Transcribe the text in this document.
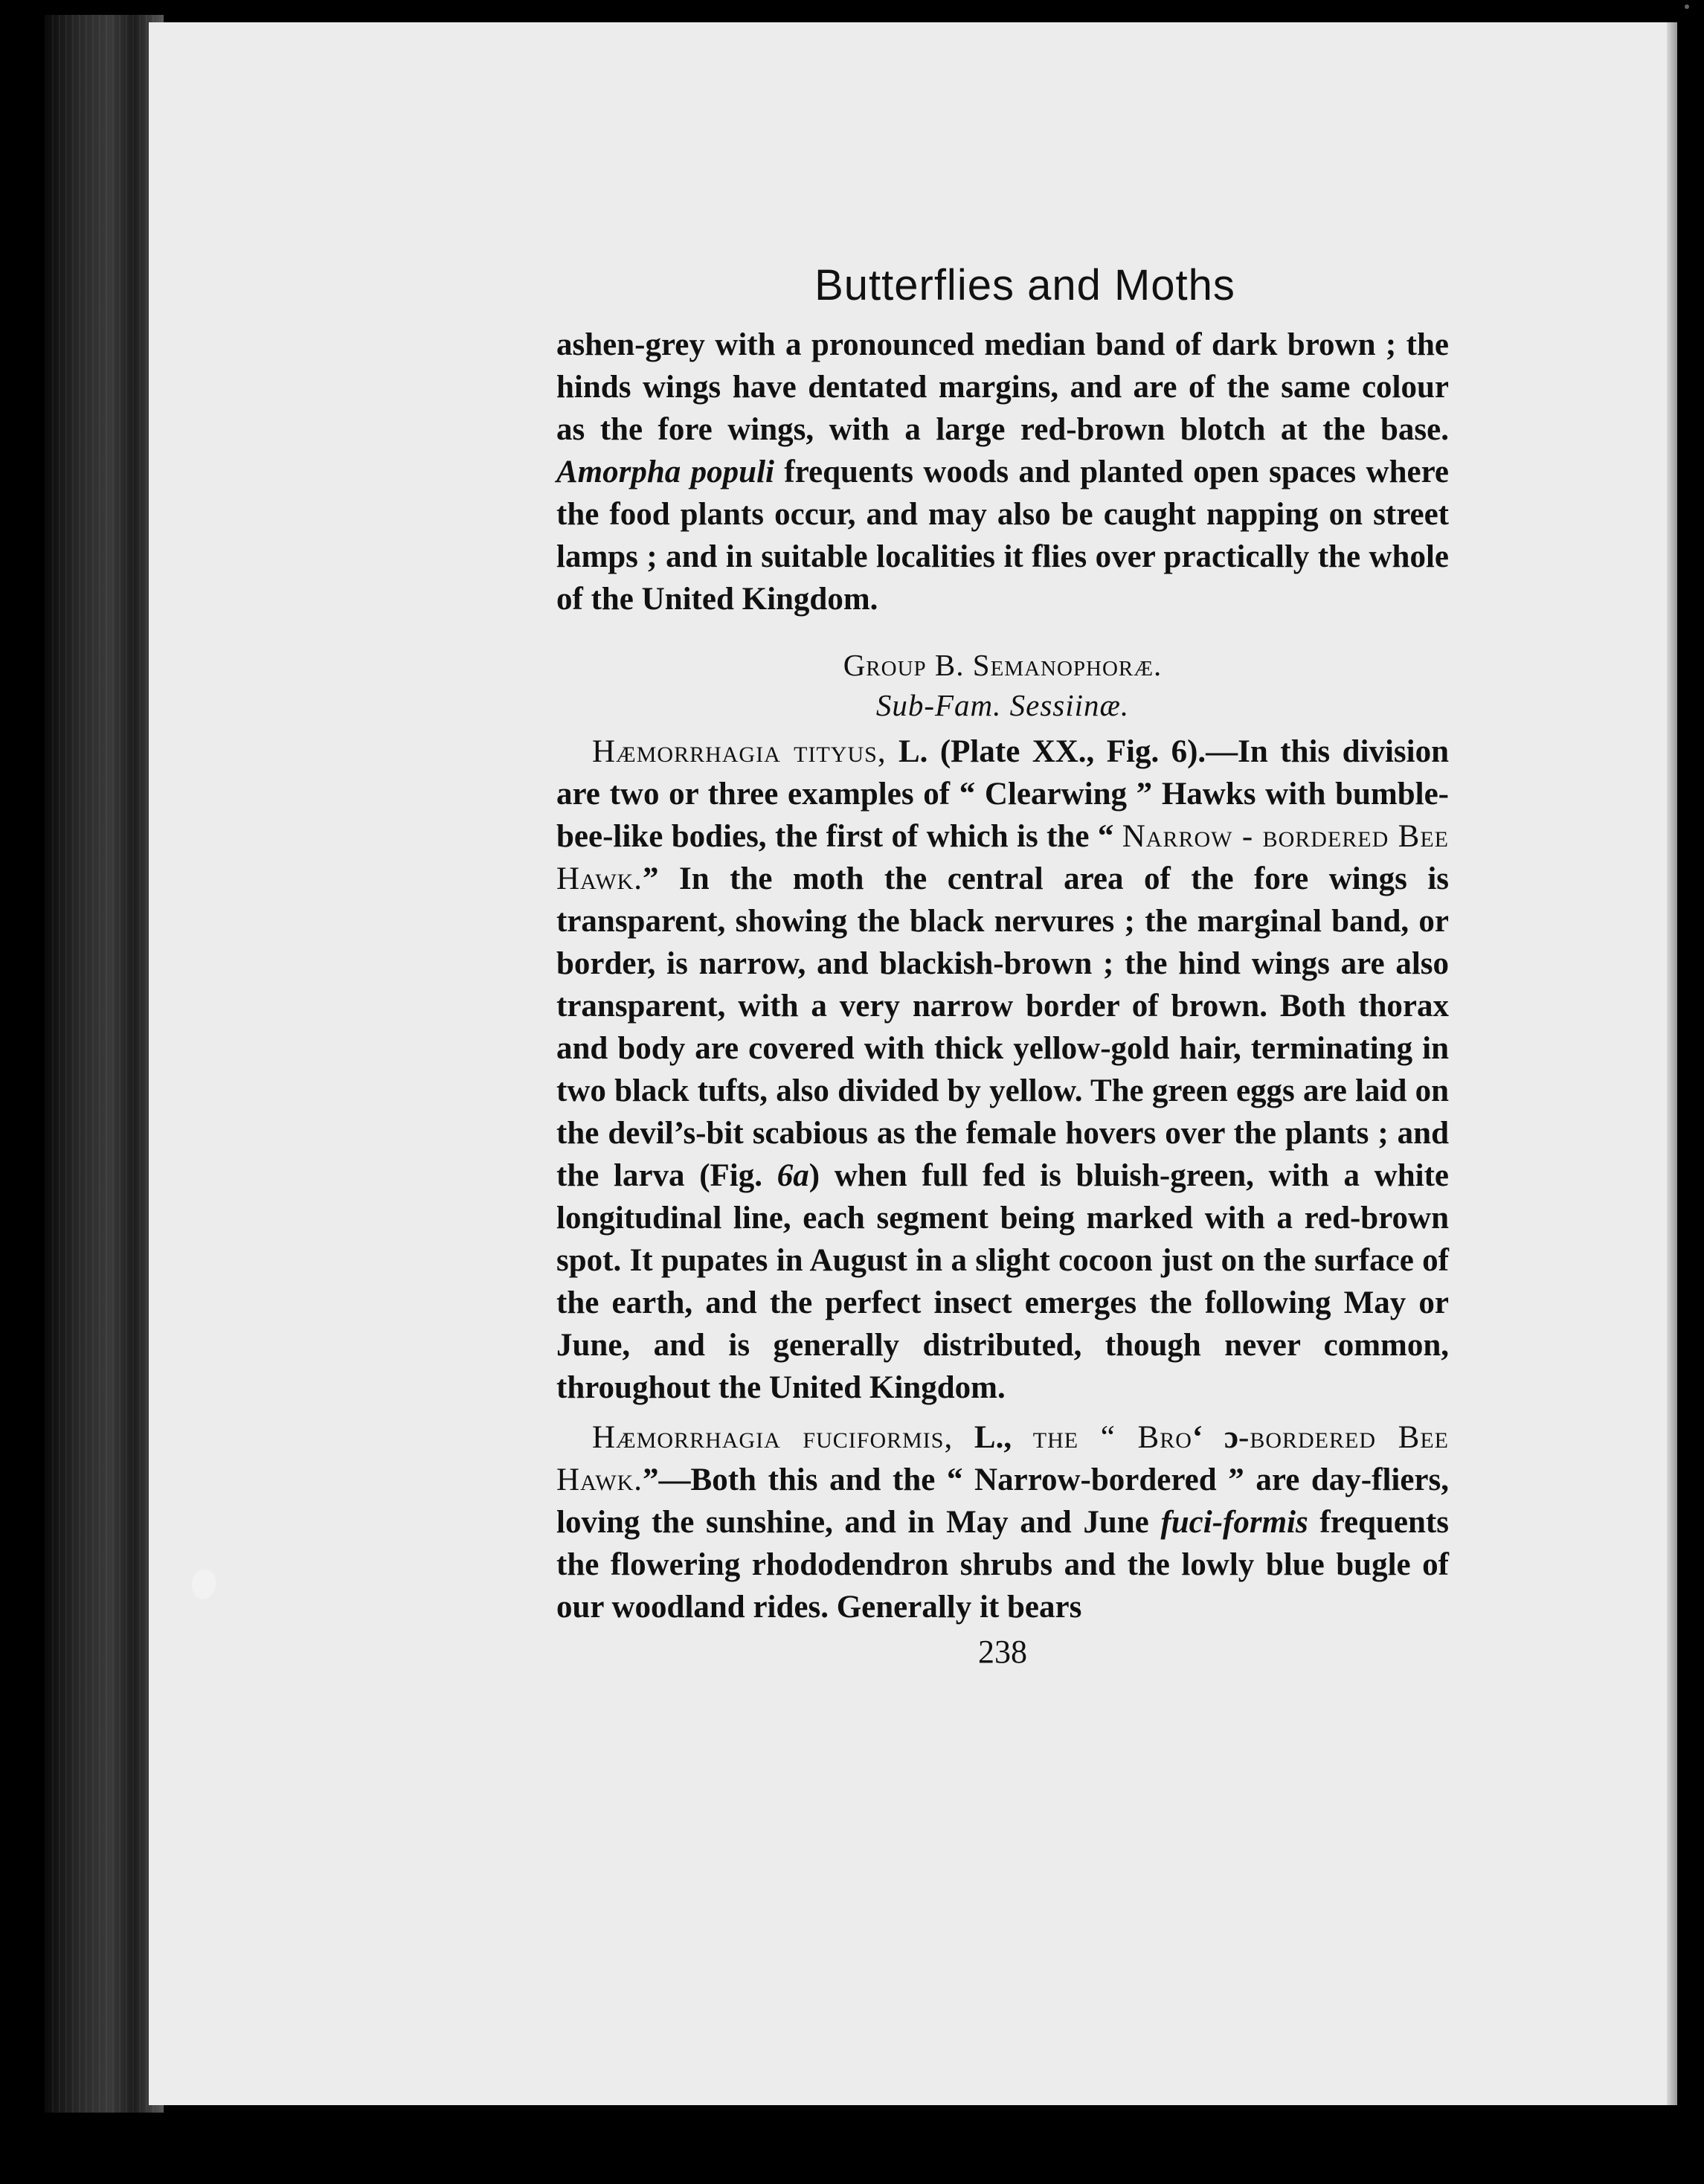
Butterflies and Moths

ashen-grey with a pronounced median band of dark brown ; the hinds wings have dentated margins, and are of the same colour as the fore wings, with a large red-brown blotch at the base. Amorpha populi frequents woods and planted open spaces where the food plants occur, and may also be caught napping on street lamps ; and in suitable localities it flies over practically the whole of the United Kingdom.

Group B. Semanophoræ.
Sub-Fam. Sessiinæ.

Hæmorrhagia tityus, L. (Plate XX., Fig. 6).—In this division are two or three examples of “ Clearwing ” Hawks with bumble-bee-like bodies, the first of which is the “ Narrow - bordered Bee Hawk.” In the moth the central area of the fore wings is transparent, showing the black nervures ; the marginal band, or border, is narrow, and blackish-brown ; the hind wings are also transparent, with a very narrow border of brown. Both thorax and body are covered with thick yellow-gold hair, terminating in two black tufts, also divided by yellow. The green eggs are laid on the devil’s-bit scabious as the female hovers over the plants ; and the larva (Fig. 6a) when full fed is bluish-green, with a white longitudinal line, each segment being marked with a red-brown spot. It pupates in August in a slight cocoon just on the surface of the earth, and the perfect insect emerges the following May or June, and is generally distributed, though never common, throughout the United Kingdom.

Hæmorrhagia fuciformis, L., the “ Broʻ ɔ-bordered Bee Hawk.”—Both this and the “ Narrow-bordered ” are day-fliers, loving the sunshine, and in May and June fuci-formis frequents the flowering rhododendron shrubs and the lowly blue bugle of our woodland rides. Generally it bears

238
